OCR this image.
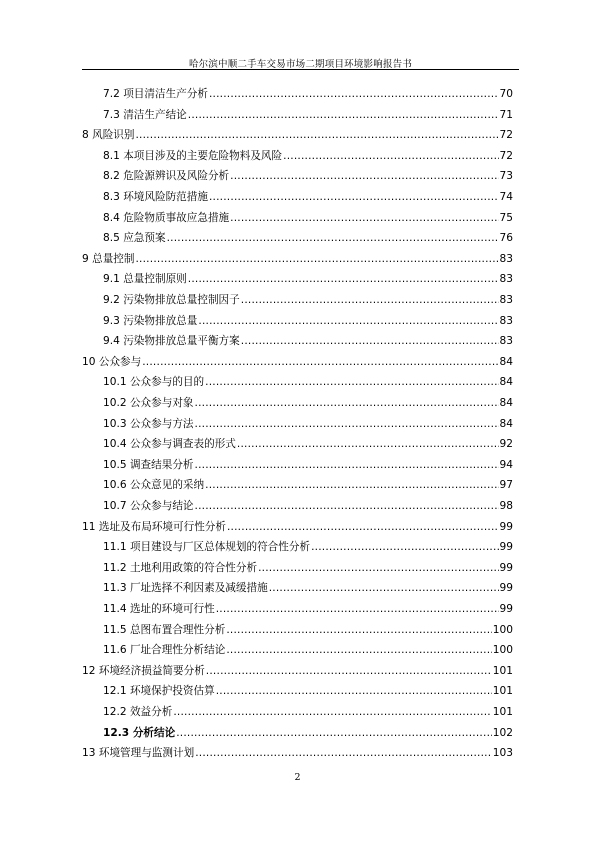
哈尔滨中顺二手车交易市场二期项目环境影响报告书
7.2 项目清洁生产分析 .....	70
7.3 清洁生产结论 .....	71
8 风险识别 .....	72
8.1 本项目涉及的主要危险物料及风险 .....	72
8.2 危险源辨识及风险分析 .....	73
8.3 环境风险防范措施 .....	74
8.4 危险物质事故应急措施 .....	75
8.5 应急预案 .....	76
9 总量控制 .....	83
9.1 总量控制原则 .....	83
9.2 污染物排放总量控制因子 .....	83
9.3 污染物排放总量 .....	83
9.4 污染物排放总量平衡方案 .....	83
10 公众参与 .....	84
10.1 公众参与的目的 .....	84
10.2 公众参与对象 .....	84
10.3 公众参与方法 .....	84
10.4 公众参与调查表的形式 .....	92
10.5 调查结果分析 .....	94
10.6 公众意见的采纳 .....	97
10.7 公众参与结论 .....	98
11 选址及布局环境可行性分析 .....	99
11.1 项目建设与厂区总体规划的符合性分析 .....	99
11.2 土地利用政策的符合性分析 .....	99
11.3 厂址选择不利因素及减缓措施 .....	99
11.4 选址的环境可行性 .....	99
11.5 总图布置合理性分析 .....	100
11.6 厂址合理性分析结论 .....	100
12 环境经济损益简要分析 .....	101
12.1 环境保护投资估算 .....	101
12.2 效益分析 .....	101
12.3 分析结论 .....	102
13 环境管理与监测计划 .....	103
2
